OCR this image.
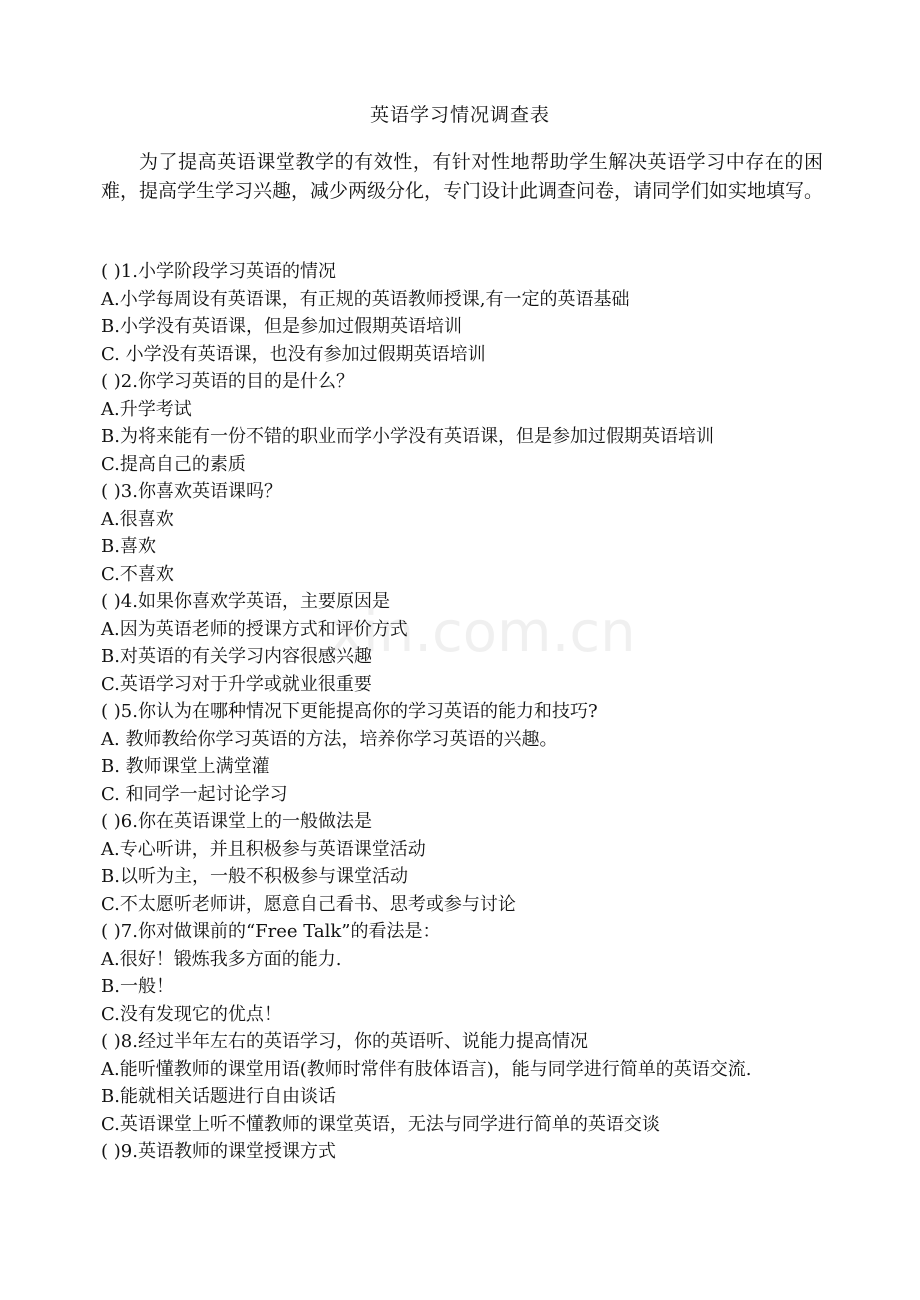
xin.com.cn
英语学习情况调查表
为了提高英语课堂教学的有效性，有针对性地帮助学生解决英语学习中存在的困难，提高学生学习兴趣，减少两级分化，专门设计此调查问卷，请同学们如实地填写。
( )1.小学阶段学习英语的情况
A.小学每周设有英语课，有正规的英语教师授课,有一定的英语基础
B.小学没有英语课，但是参加过假期英语培训
C. 小学没有英语课，也没有参加过假期英语培训
( )2.你学习英语的目的是什么？
A.升学考试
B.为将来能有一份不错的职业而学小学没有英语课，但是参加过假期英语培训
C.提高自己的素质
( )3.你喜欢英语课吗？
A.很喜欢
B.喜欢
C.不喜欢
( )4.如果你喜欢学英语，主要原因是
A.因为英语老师的授课方式和评价方式
B.对英语的有关学习内容很感兴趣
C.英语学习对于升学或就业很重要
( )5.你认为在哪种情况下更能提高你的学习英语的能力和技巧?
A. 教师教给你学习英语的方法，培养你学习英语的兴趣。
B. 教师课堂上满堂灌
C. 和同学一起讨论学习
( )6.你在英语课堂上的一般做法是
A.专心听讲，并且积极参与英语课堂活动
B.以听为主，一般不积极参与课堂活动
C.不太愿听老师讲，愿意自己看书、思考或参与讨论
( )7.你对做课前的“Free Talk”的看法是：
A.很好！锻炼我多方面的能力.
B.一般！
C.没有发现它的优点！
( )8.经过半年左右的英语学习，你的英语听、说能力提高情况
A.能听懂教师的课堂用语(教师时常伴有肢体语言)，能与同学进行简单的英语交流.
B.能就相关话题进行自由谈话
C.英语课堂上听不懂教师的课堂英语，无法与同学进行简单的英语交谈
( )9.英语教师的课堂授课方式
